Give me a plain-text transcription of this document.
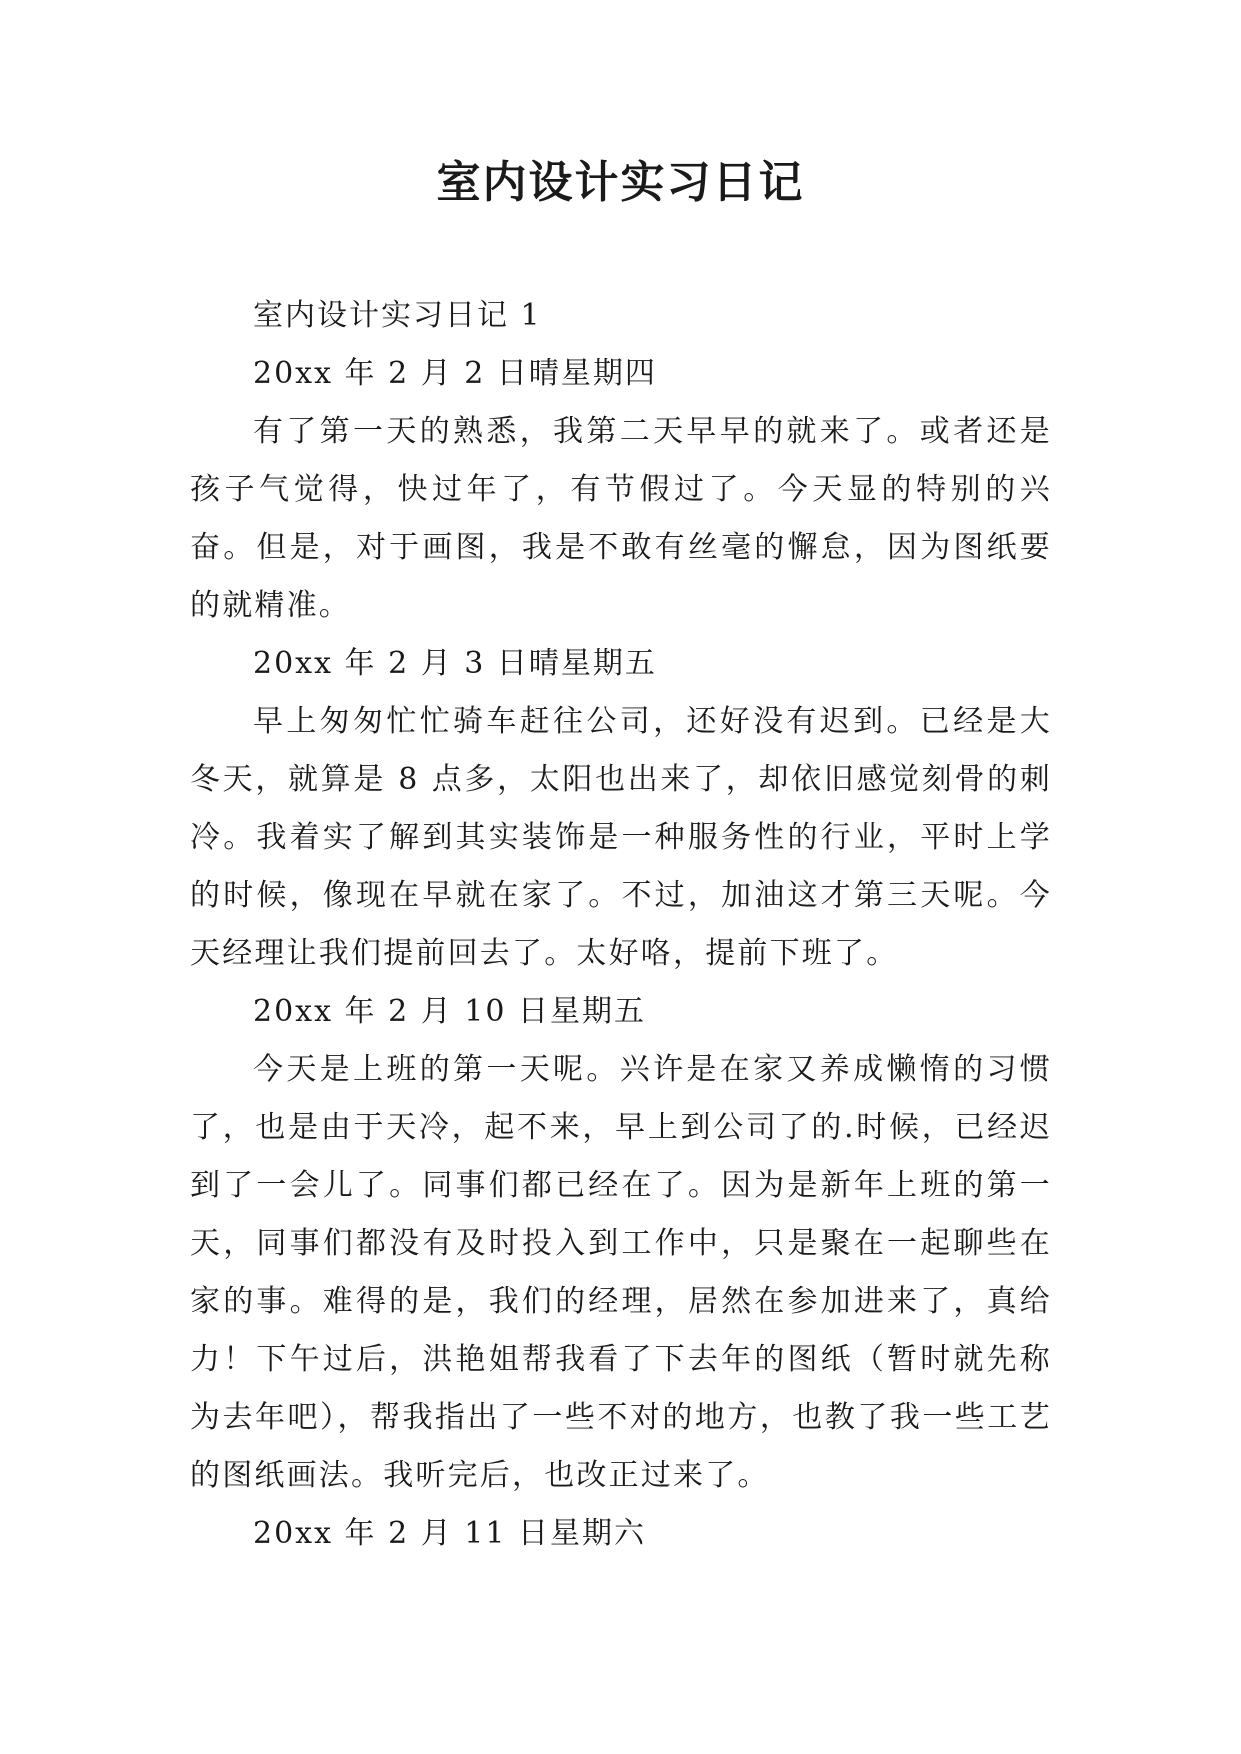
室内设计实习日记

室内设计实习日记 1

20xx 年 2 月 2 日晴星期四

有了第一天的熟悉，我第二天早早的就来了。或者还是孩子气觉得，快过年了，有节假过了。今天显的特别的兴奋。但是，对于画图，我是不敢有丝毫的懈怠，因为图纸要的就精准。

20xx 年 2 月 3 日晴星期五

早上匆匆忙忙骑车赶往公司，还好没有迟到。已经是大冬天，就算是 8 点多，太阳也出来了，却依旧感觉刻骨的刺冷。我着实了解到其实装饰是一种服务性的行业，平时上学的时候，像现在早就在家了。不过，加油这才第三天呢。今天经理让我们提前回去了。太好咯，提前下班了。

20xx 年 2 月 10 日星期五

今天是上班的第一天呢。兴许是在家又养成懒惰的习惯了，也是由于天冷，起不来，早上到公司了的.时候，已经迟到了一会儿了。同事们都已经在了。因为是新年上班的第一天，同事们都没有及时投入到工作中，只是聚在一起聊些在家的事。难得的是，我们的经理，居然在参加进来了，真给力！下午过后，洪艳姐帮我看了下去年的图纸（暂时就先称为去年吧），帮我指出了一些不对的地方，也教了我一些工艺的图纸画法。我听完后，也改正过来了。

20xx 年 2 月 11 日星期六
